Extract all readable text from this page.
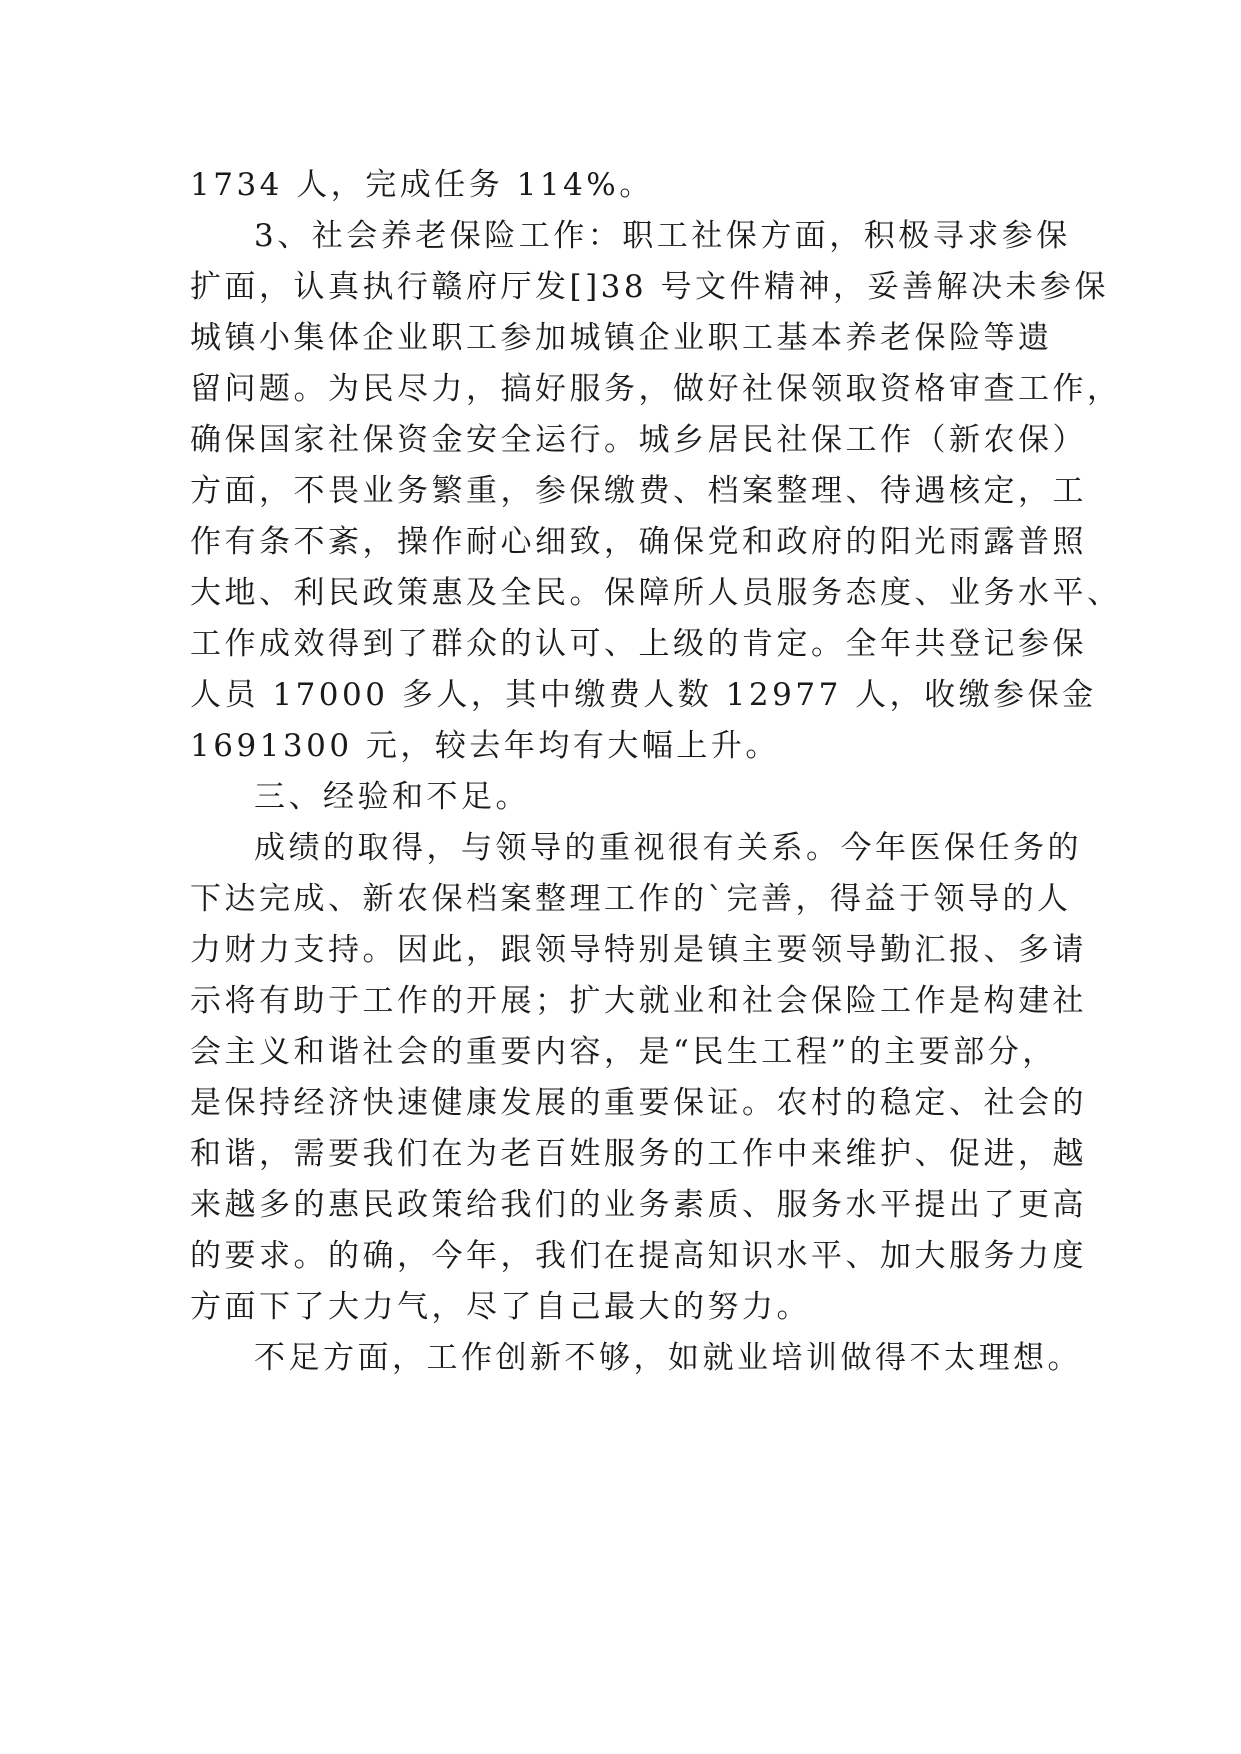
1734 人，完成任务 114%。
3、社会养老保险工作：职工社保方面，积极寻求参保
扩面，认真执行赣府厅发[]38 号文件精神，妥善解决未参保
城镇小集体企业职工参加城镇企业职工基本养老保险等遗
留问题。为民尽力，搞好服务，做好社保领取资格审查工作，
确保国家社保资金安全运行。城乡居民社保工作（新农保）
方面，不畏业务繁重，参保缴费、档案整理、待遇核定，工
作有条不紊，操作耐心细致，确保党和政府的阳光雨露普照
大地、利民政策惠及全民。保障所人员服务态度、业务水平、
工作成效得到了群众的认可、上级的肯定。全年共登记参保
人员 17000 多人，其中缴费人数 12977 人，收缴参保金
1691300 元，较去年均有大幅上升。
三、经验和不足。
成绩的取得，与领导的重视很有关系。今年医保任务的
下达完成、新农保档案整理工作的`完善，得益于领导的人
力财力支持。因此，跟领导特别是镇主要领导勤汇报、多请
示将有助于工作的开展；扩大就业和社会保险工作是构建社
会主义和谐社会的重要内容，是“民生工程”的主要部分，
是保持经济快速健康发展的重要保证。农村的稳定、社会的
和谐，需要我们在为老百姓服务的工作中来维护、促进，越
来越多的惠民政策给我们的业务素质、服务水平提出了更高
的要求。的确，今年，我们在提高知识水平、加大服务力度
方面下了大力气，尽了自己最大的努力。
不足方面，工作创新不够，如就业培训做得不太理想。
